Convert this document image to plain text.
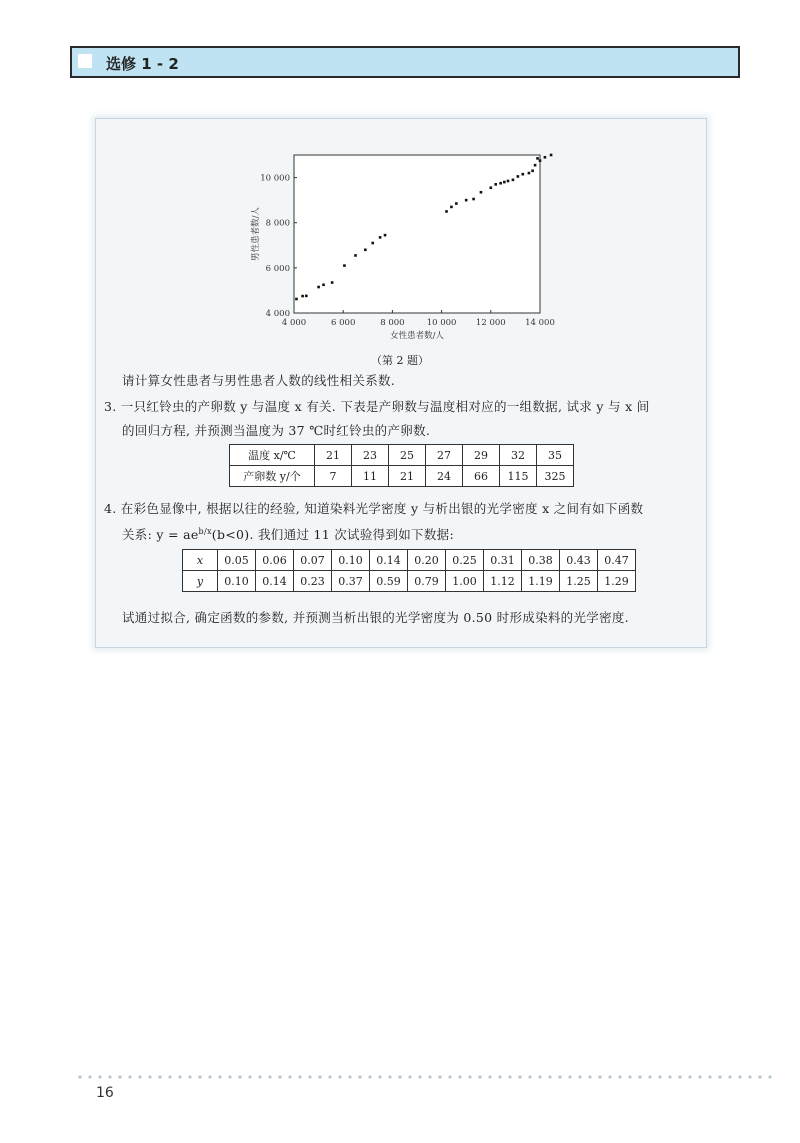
选修 1 - 2
4 000	6 000	8 000	10 000 12 000 14 000
4 000
6 000
8 000
10 000
女性患者数/人
男性患者数/人
（第 2 题）
请计算女性患者与男性患者人数的线性相关系数.
3. 一只红铃虫的产卵数 y 与温度 x 有关. 下表是产卵数与温度相对应的一组数据, 试求 y 与 x 间
的回归方程, 并预测当温度为 37 ℃时红铃虫的产卵数.
温度 x/℃	21	23	25	27	29	32	35
产卵数 y/个	7	11	21	24	66	115	325
4. 在彩色显像中, 根据以往的经验, 知道染料光学密度 y 与析出银的光学密度 x 之间有如下函数
关系: $y = ae^{b/x}(b<0)$. 我们通过 11 次试验得到如下数据:
x	0.05	0.06	0.07	0.10	0.14	0.20	0.25	0.31	0.38	0.43	0.47
y	0.10	0.14	0.23	0.37	0.59	0.79	1.00	1.12	1.19	1.25	1.29
试通过拟合, 确定函数的参数, 并预测当析出银的光学密度为 0.50 时形成染料的光学密度.
16
